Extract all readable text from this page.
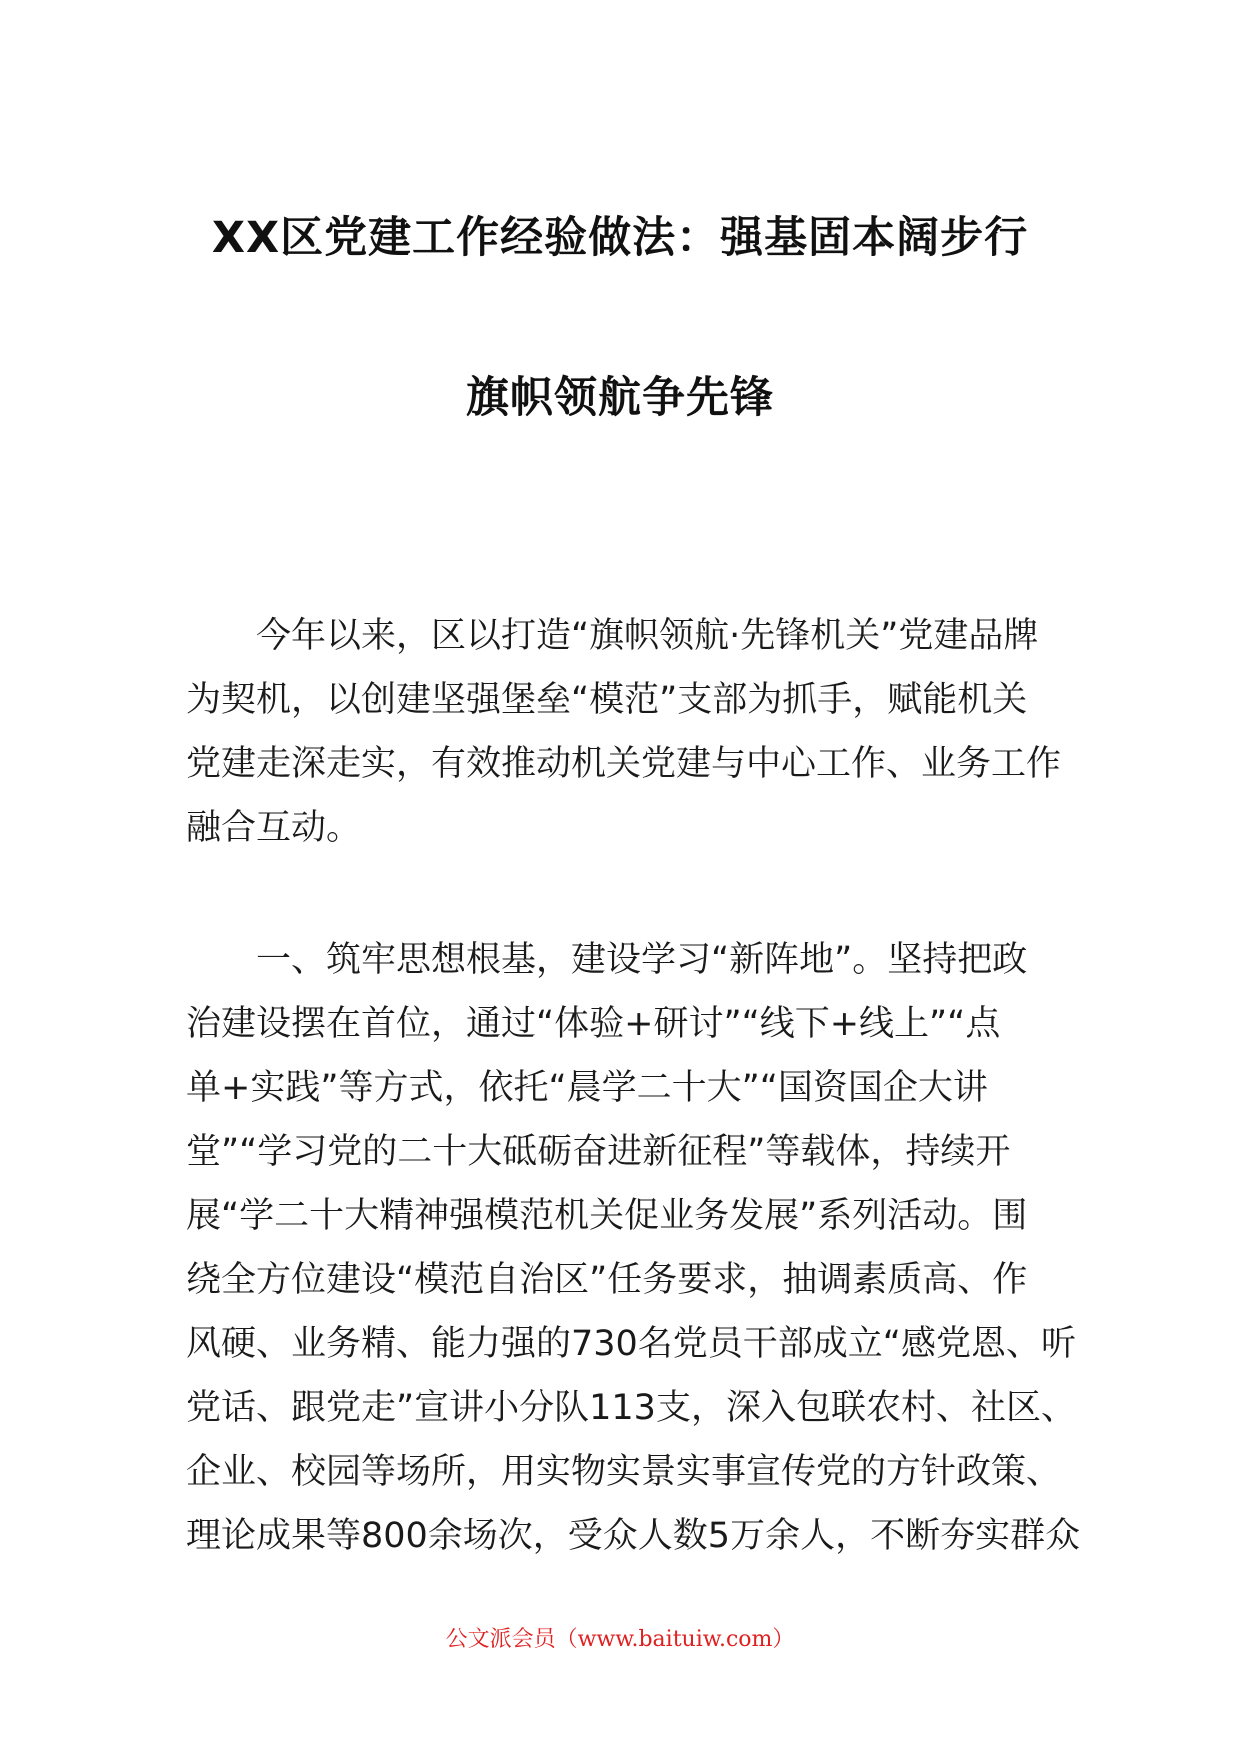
XX区党建工作经验做法：强基固本阔步行
旗帜领航争先锋
　　今年以来，区以打造“旗帜领航·先锋机关”党建品牌
为契机，以创建坚强堡垒“模范”支部为抓手，赋能机关
党建走深走实，有效推动机关党建与中心工作、业务工作
融合互动。
　　一、筑牢思想根基，建设学习“新阵地”。坚持把政
治建设摆在首位，通过“体验+研讨”“线下+线上”“点
单+实践”等方式，依托“晨学二十大”“国资国企大讲
堂”“学习党的二十大砥砺奋进新征程”等载体，持续开
展“学二十大精神强模范机关促业务发展”系列活动。围
绕全方位建设“模范自治区”任务要求，抽调素质高、作
风硬、业务精、能力强的730名党员干部成立“感党恩、听
党话、跟党走”宣讲小分队113支，深入包联农村、社区、
企业、校园等场所，用实物实景实事宣传党的方针政策、
理论成果等800余场次，受众人数5万余人，不断夯实群众
公文派会员（www.baituiw.com）
